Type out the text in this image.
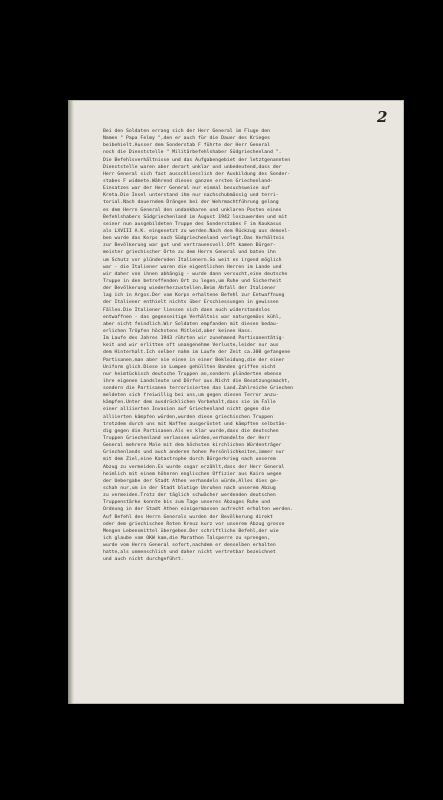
2
Bei den Soldaten errang sich der Herr General im Fluge den
Namen " Papa Felmy ",den er auch für die Dauer des Krieges
beibehielt.Ausser dem Sonderstab F führte der Herr General
noch die Dienststelle " Militärbefehlshaber Südgriechenland ".
Die Befehlsverhältnisse und das Aufgabengebiet der letztgenannten
Dienststelle waren aber derart unklar und unbedeutend,dass der
Herr General sich fast ausschliesslich der Ausbildung des Sonder-
stabes F widmete.Während dieses ganzen ersten Griechenland-
Einsatzes war der Herr General nur einmal besuchsweise auf
Kreta.Die Insel unterstand ihm nur nachschubmässig und terri-
torial.Nach dauerndem Drängen bei der Wehrmachtführung gelang
es dem Herrn General den undankbaren und unklaren Posten eines
Befehlshabers Südgriechenland im August 1942 loszuwerden und mit
seiner nun ausgebildeten Truppe des Sonderstabes F im Kaukasus
als LXVIII A.K. eingesetzt zu werden.Nach dem Rückzug aus demsel-
ben wurde das Korps nach Südgriechenland verlegt.Das Verhältnis
zur Bevölkerung war gut und vertrauensvoll.Oft kamen Bürger-
meister griechischer Orte zu dem Herrn General und baten ihn
um Schutz vor plündernden Italienern.So weit es irgend möglich
war - die Italiener waren die eigentlichen Herren im Lande und
wir daher von ihnen abhängig - wurde dann versucht,eine deutsche
Truppe in den betreffenden Ort zu legen,um Ruhe und Sicherheit
der Bevölkerung wiederherzustellen.Beim Abfall der Italiener
lag ich in Argos.Der vom Korps erhaltene Befehl zur Entwaffnung
der Italiener enthielt nichts über Erschiessungen in gewissen
Fällen.Die Italiener liessen sich dann auch widerstandslos
entwaffnen - das gegenseitige Verhältnis war naturgemäss kühl,
aber nicht feindlich.Wir Soldaten empfanden mit diesen bedau-
erlichen Tröpfen höchstens Mitleid,aber keinen Hass.
Im Laufe des Jahres 1943 rührten wir zunehmend Partisanentätig-
keit und wir erlitten oft unangenehme Verluste,leider nur aus
dem Hinterhalt.Ich selber nahm im Laufe der Zeit ca.300 gefangene
Partisanen,man aber nie einen in einer Bekleidung,die der einer
Uniform glich.Diese in Lumpen gehüllten Banden griffen nicht
nur heimtückisch deutsche Truppen an,sondern plünderten ebenso
ihre eigenen Landsleute und Dörfer aus.Nicht die Besatzungsmacht,
sondern die Partisanen terrorisierten das Land.Zahlreiche Griechen
meldeten sich freiwillig bei uns,um gegen diesen Terror anzu-
kämpfen.Unter dem ausdrücklichen Vorbehalt,dass sie im Falle
einer alliierten Invasion auf Griechenland nicht gegen die
alliierten kämpfen würden,wurden diese griechischen Truppen
trotzdem durch uns mit Waffen ausgerüstet und kämpften selbstän-
dig gegen die Partisanen.Als es klar wurde,dass die deutschen
Truppen Griechenland verlassen würden,verhandelte der Herr
General mehrere Male mit dem höchsten kirchlichen Würdenträger
Griechenlands und auch anderen hohen Persönlichkeiten,immer nur
mit dem Ziel,eine Katastrophe durch Bürgerkrieg nach unserem
Abzug zu vermeiden.Es wurde sogar erzählt,dass der Herr General
heimlich mit einem höheren englischen Offizier aus Kairo wegen
der Uebergabe der Stadt Athen verhandeln würde,Alles dies ge-
schah nur,um in der Stadt blutige Unruhen nach unserem Abzug
zu vermeiden.Trotz der täglich schwächer werdenden deutschen
Truppenstärke konnte bis zum Tage unseres Abzuges Ruhe und
Ordnung in der Stadt Athen einigermassen aufrecht erhalten werden.
Auf Befehl des Herrn Generals wurden der Bevölkerung direkt
oder dem griechischen Roten Kreuz kurz vor unserem Abzug grosse
Mengen Lebensmittel übergeben.Der schriftliche Befehl,der wie
ich glaube vom OKW kam,die Marathon Talsperre zu sprengen,
wurde vom Herrn General sofort,nachdem er denselben erhalten
hatte,als unmenschlich und daher nicht vertretbar bezeichnet
und auch nicht durchgeführt.
